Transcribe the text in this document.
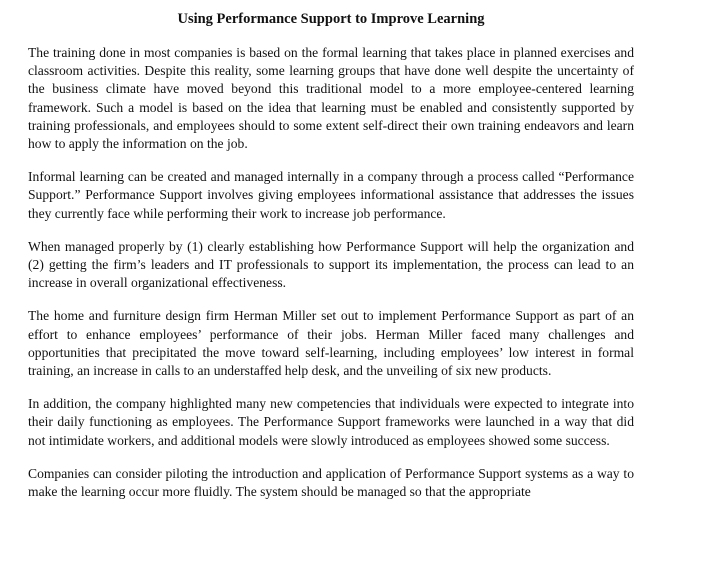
Using Performance Support to Improve Learning

The training done in most companies is based on the formal learning that takes place in planned exercises and classroom activities. Despite this reality, some learning groups that have done well despite the uncertainty of the business climate have moved beyond this traditional model to a more employee-centered learning framework. Such a model is based on the idea that learning must be enabled and consistently supported by training professionals, and employees should to some extent self-direct their own training endeavors and learn how to apply the information on the job.

Informal learning can be created and managed internally in a company through a process called “Performance Support.” Performance Support involves giving employees informational assistance that addresses the issues they currently face while performing their work to increase job performance.

When managed properly by (1) clearly establishing how Performance Support will help the organization and (2) getting the firm’s leaders and IT professionals to support its implementation, the process can lead to an increase in overall organizational effectiveness.

The home and furniture design firm Herman Miller set out to implement Performance Support as part of an effort to enhance employees’ performance of their jobs. Herman Miller faced many challenges and opportunities that precipitated the move toward self-learning, including employees’ low interest in formal training, an increase in calls to an understaffed help desk, and the unveiling of six new products.

In addition, the company highlighted many new competencies that individuals were expected to integrate into their daily functioning as employees. The Performance Support frameworks were launched in a way that did not intimidate workers, and additional models were slowly introduced as employees showed some success.

Companies can consider piloting the introduction and application of Performance Support systems as a way to make the learning occur more fluidly. The system should be managed so that the appropriate
